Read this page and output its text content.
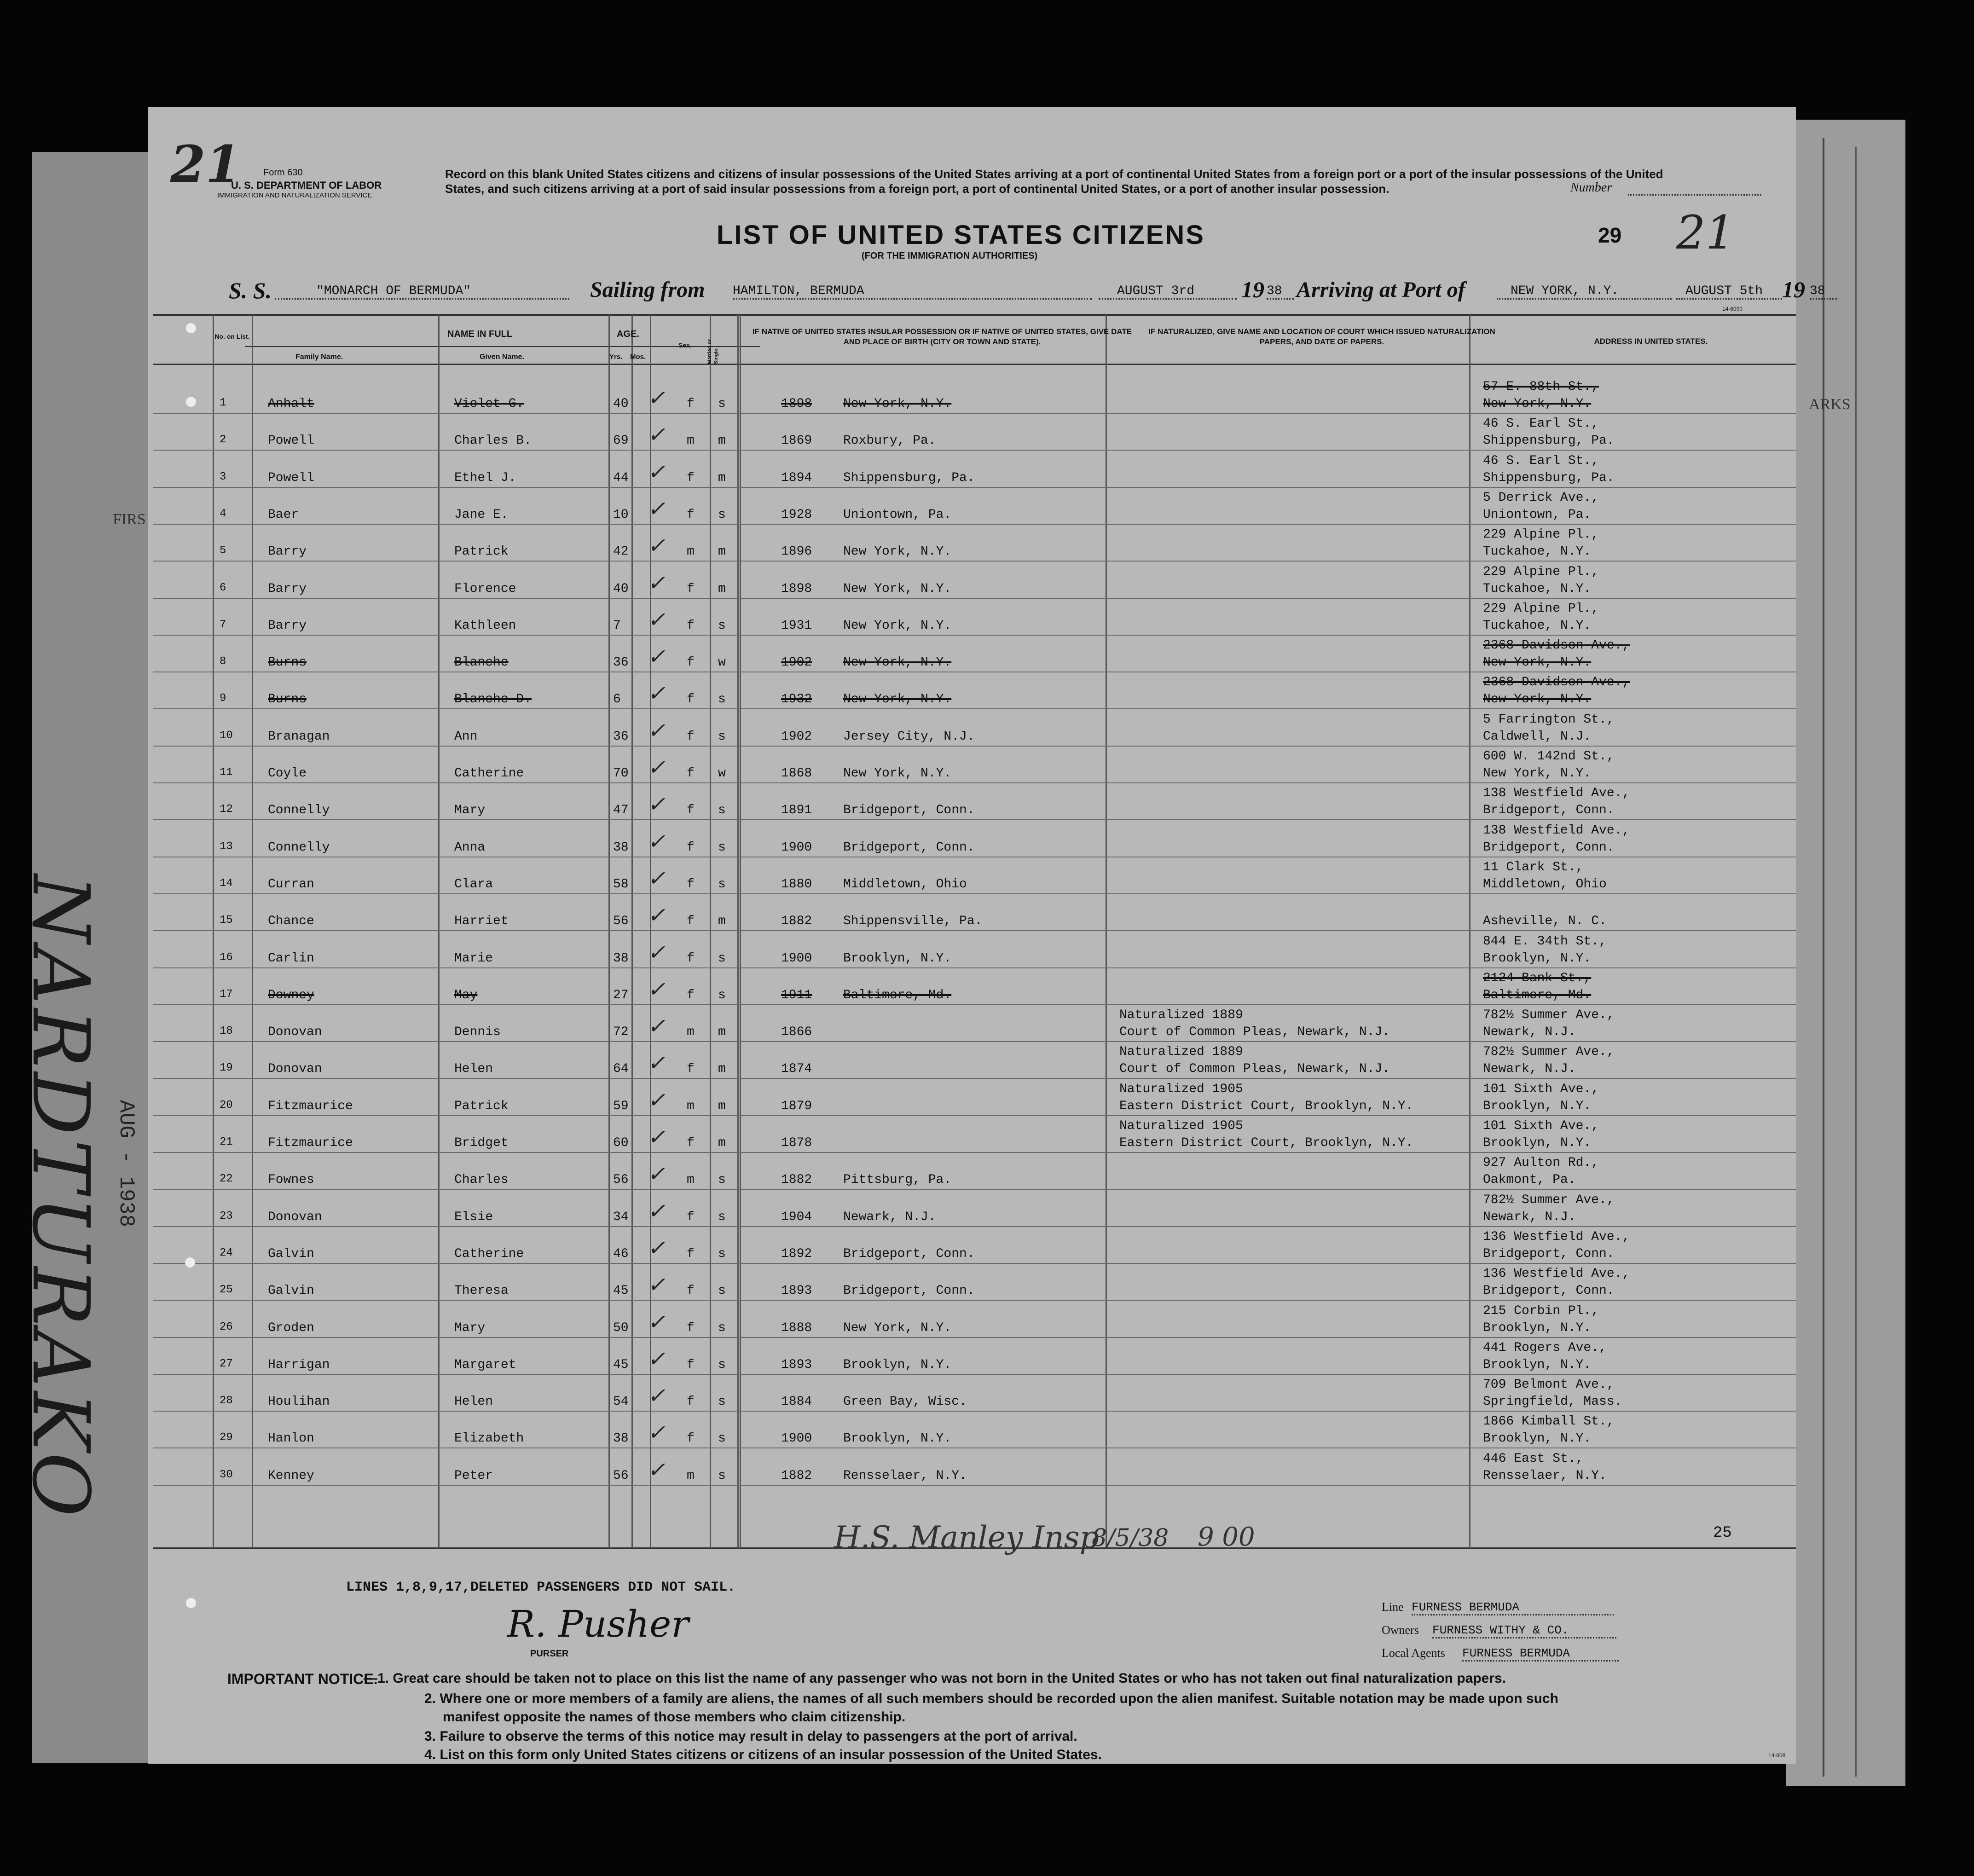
FIRS
ARKS
NARDTURAKO AUG - 1938
21 Form 630
U. S. DEPARTMENT OF LABOR
IMMIGRATION AND NATURALIZATION SERVICE
Record on this blank United States citizens and citizens of insular possessions of the United States arriving at a port of continental United States from a foreign port or a port of the insular possessions of the United States, and such citizens arriving at a port of said insular possessions from a foreign port, a port of continental United States, or a port of another insular possession.	Number
LIST OF UNITED STATES CITIZENS
(FOR THE IMMIGRATION AUTHORITIES)
29 21
S. S.	"MONARCH OF BERMUDA"	Sailing from HAMILTON, BERMUDA	AUGUST 3rd	19 38 Arriving at Port of	NEW YORK, N.Y.	AUGUST 5th 19 38
14-6090
No. on List.	NAME IN FULL
Family Name.	Given Name.
AGE.
Yrs. Mos.
Sex.	Married or Single.
IF NATIVE OF UNITED STATES INSULAR POSSESSION OR IF NATIVE OF UNITED STATES, GIVE DATE AND PLACE OF BIRTH (CITY OR TOWN AND STATE).
IF NATURALIZED, GIVE NAME AND LOCATION OF COURT WHICH ISSUED NATURALIZATION PAPERS, AND DATE OF PAPERS.	ADDRESS IN UNITED STATES.
1	Anhalt	Violet G.	40	f s	1898 New York, N.Y.
57 E. 88th St.,
New York, N.Y.
✓
2	Powell	Charles B.	69	m m	1869 Roxbury, Pa.
46 S. Earl St.,
Shippensburg, Pa.
✓
3	Powell	Ethel J.	44	f m	1894 Shippensburg, Pa.
46 S. Earl St.,
Shippensburg, Pa.
✓
4	Baer	Jane E.	10	f s	1928 Uniontown, Pa.
5 Derrick Ave.,
Uniontown, Pa.
✓
5	Barry	Patrick	42	m m	1896 New York, N.Y.
229 Alpine Pl.,
Tuckahoe, N.Y.
✓
6	Barry	Florence	40	f m	1898 New York, N.Y.
229 Alpine Pl.,
Tuckahoe, N.Y.
✓
7	Barry	Kathleen	7	f s	1931 New York, N.Y.
229 Alpine Pl.,
Tuckahoe, N.Y.
✓
8	Burns	Blanche	36	f w	1902 New York, N.Y.
2368 Davidson Ave.,
New York, N.Y.
✓
9	Burns	Blanche D.	6	f s	1932 New York, N.Y.
2368 Davidson Ave.,
New York, N.Y.
✓
10	Branagan	Ann	36	f s	1902 Jersey City, N.J.
5 Farrington St.,
Caldwell, N.J.
✓
11	Coyle	Catherine	70	f w	1868 New York, N.Y.
600 W. 142nd St.,
New York, N.Y.
✓
12	Connelly	Mary	47	f s	1891 Bridgeport, Conn.
138 Westfield Ave.,
Bridgeport, Conn.
✓
13	Connelly	Anna	38	f s	1900 Bridgeport, Conn.
138 Westfield Ave.,
Bridgeport, Conn.
✓
14	Curran	Clara	58	f s	1880 Middletown, Ohio
11 Clark St.,
Middletown, Ohio
✓
15	Chance	Harriet	56	f m	1882 Shippensville, Pa.	Asheville, N. C.
✓
16	Carlin	Marie	38	f s	1900 Brooklyn, N.Y.
844 E. 34th St.,
Brooklyn, N.Y.
✓
17	Downey	May	27	f s	1911 Baltimore, Md.
2124 Bank St.,
Baltimore, Md.
✓
18	Donovan	Dennis	72	m m	1866
Naturalized 1889
Court of Common Pleas, Newark, N.J.
782½ Summer Ave.,
Newark, N.J.
✓
19	Donovan	Helen	64	f m	1874
Naturalized 1889
Court of Common Pleas, Newark, N.J.
782½ Summer Ave.,
Newark, N.J.
✓
20	Fitzmaurice	Patrick	59	m m	1879
Naturalized 1905
Eastern District Court, Brooklyn, N.Y.
101 Sixth Ave.,
Brooklyn, N.Y.
✓
21	Fitzmaurice	Bridget	60	f m	1878
Naturalized 1905
Eastern District Court, Brooklyn, N.Y.
101 Sixth Ave.,
Brooklyn, N.Y.
✓
22	Fownes	Charles	56	m s	1882 Pittsburg, Pa.
927 Aulton Rd.,
Oakmont, Pa.
✓
23	Donovan	Elsie	34	f s	1904 Newark, N.J.
782½ Summer Ave.,
Newark, N.J.
✓
24	Galvin	Catherine	46	f s	1892 Bridgeport, Conn.
136 Westfield Ave.,
Bridgeport, Conn.
✓
25	Galvin	Theresa	45	f s	1893 Bridgeport, Conn.
136 Westfield Ave.,
Bridgeport, Conn.
✓
26	Groden	Mary	50	f s	1888 New York, N.Y.
215 Corbin Pl.,
Brooklyn, N.Y.
✓
27	Harrigan	Margaret	45	f s	1893 Brooklyn, N.Y.
441 Rogers Ave.,
Brooklyn, N.Y.
✓
28	Houlihan	Helen	54	f s	1884 Green Bay, Wisc.
709 Belmont Ave.,
Springfield, Mass.
✓
29	Hanlon	Elizabeth	38	f s	1900 Brooklyn, N.Y.
1866 Kimball St.,
Brooklyn, N.Y.
✓
30	Kenney	Peter	56	m s	1882 Rensselaer, N.Y.
446 East St.,
Rensselaer, N.Y.
✓
H.S. Manley Insp
8/5/38 9 00	25
LINES 1,8,9,17,DELETED PASSENGERS DID NOT SAIL.
R. Pusher
PURSER
Line FURNESS BERMUDA
Owners FURNESS WITHY & CO.
Local Agents FURNESS BERMUDA
IMPORTANT NOTICE.
—1. Great care should be taken not to place on this list the name of any passenger who was not born in the United States or who has not taken out final naturalization papers.
2. Where one or more members of a family are aliens, the names of all such members should be recorded upon the alien manifest. Suitable notation may be made upon such
manifest opposite the names of those members who claim citizenship.
3. Failure to observe the terms of this notice may result in delay to passengers at the port of arrival.
4. List on this form only United States citizens or citizens of an insular possession of the United States.	14-608
